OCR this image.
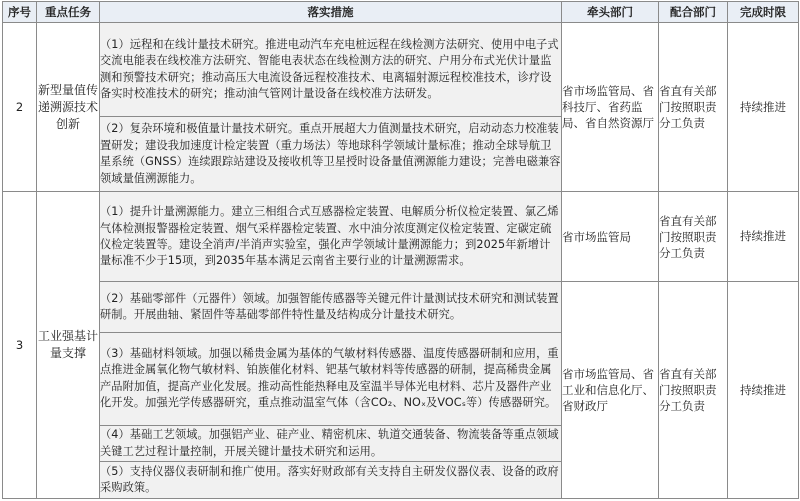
序号	重点任务	落实措施	牵头部门	配合部门	完成时限
2	新型量值传递溯源技术创新	（1）远程和在线计量技术研究。推进电动汽车充电桩远程在线检测方法研究、使用中电子式交流电能表在线校准方法研究、智能电表状态在线检测方法的研究、户用分布式光伏计量监测和预警技术研究；推动高压大电流设备远程校准技术、电离辐射源远程校准技术，诊疗设备实时校准技术的研究；推动油气管网计量设备在线校准方法研发。	省市场监管局、省科技厅、省药监局、省自然资源厅	省直有关部门按照职责分工负责	持续推进
		（2）复杂环境和极值量计量技术研究。重点开展超大力值测量技术研究，启动动态力校准装置研发；建设我加速度计检定装置（重力场法）等地球科学领域计量标准；推动全球导航卫星系统（GNSS）连续跟踪站建设及接收机等卫星授时设备量值溯源能力建设；完善电磁兼容领域量值溯源能力。			
3	工业强基计量支撑	（1）提升计量溯源能力。建立三相组合式互感器检定装置、电解质分析仪检定装置、氯乙烯气体检测报警器检定装置、烟气采样器检定装置、水中油分浓度测定仪检定装置、定碳定硫仪检定装置等。建设全消声/半消声实验室，强化声学领域计量溯源能力；到2025年新增计量标准不少于15项，到2035年基本满足云南省主要行业的计量溯源需求。	省市场监管局	省直有关部门按照职责分工负责	持续推进
		（2）基础零部件（元器件）领域。加强智能传感器等关键元件计量测试技术研究和测试装置研制。开展曲轴、紧固件等基础零部件特性量及结构成分计量技术研究。	省市场监管局、省工业和信息化厅、省财政厅	省直有关部门按照职责分工负责	持续推进
		（3）基础材料领域。加强以稀贵金属为基体的气敏材料传感器、温度传感器研制和应用，重点推进金属氧化物气敏材料、铂族催化材料、钯基气敏材料等传感器的研制，提高稀贵金属产品附加值，提高产业化发展。推动高性能热释电及室温半导体光电材料、芯片及器件产业化开发。加强光学传感器研究，重点推动温室气体（含CO₂、NOₓ及VOCₛ等）传感器研究。			
		（4）基础工艺领域。加强铝产业、硅产业、精密机床、轨道交通装备、物流装备等重点领域关键工艺过程计量控制，开展关键计量技术研究和运用。			
		（5）支持仪器仪表研制和推广使用。落实好财政部有关支持自主研发仪器仪表、设备的政府采购政策。			
